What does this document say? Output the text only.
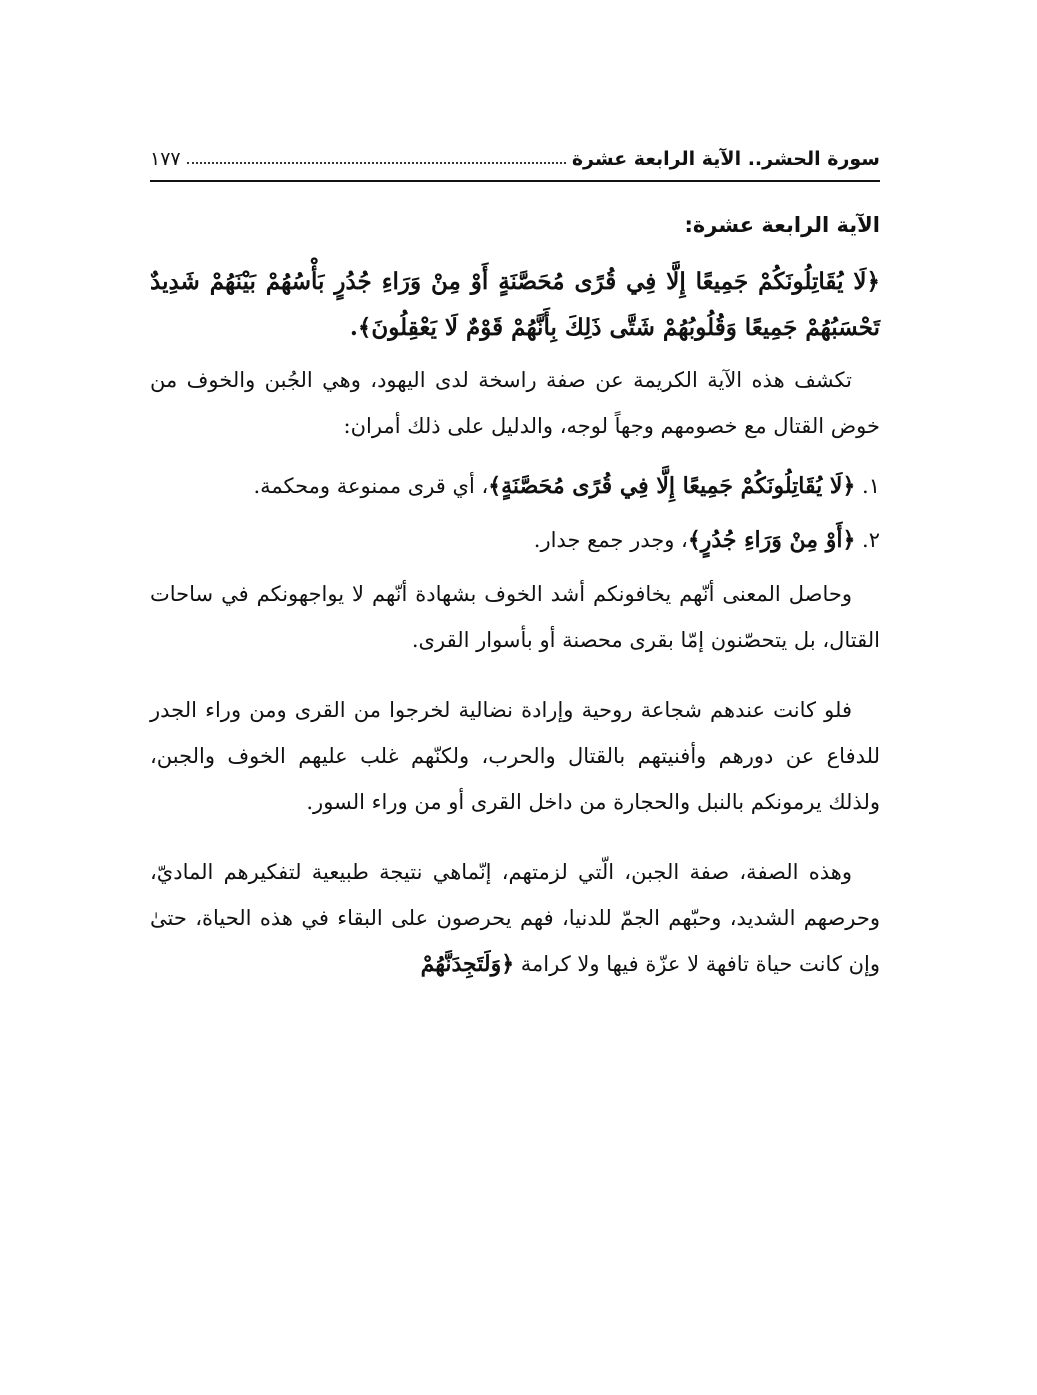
سورة الحشر.. الآية الرابعة عشرة
١٧٧
الآية الرابعة عشرة:
﴿لَا يُقَاتِلُونَكُمْ جَمِيعًا إِلَّا فِي قُرًى مُحَصَّنَةٍ أَوْ مِنْ وَرَاءِ جُدُرٍ بَأْسُهُمْ بَيْنَهُمْ شَدِيدٌ تَحْسَبُهُمْ جَمِيعًا وَقُلُوبُهُمْ شَتَّى ذَلِكَ بِأَنَّهُمْ قَوْمٌ لَا يَعْقِلُونَ﴾.

تكشف هذه الآية الكريمة عن صفة راسخة لدى اليهود، وهي الجُبن والخوف من خوض القتال مع خصومهم وجهاً لوجه، والدليل على ذلك أمران:

١. ﴿لَا يُقَاتِلُونَكُمْ جَمِيعًا إِلَّا فِي قُرًى مُحَصَّنَةٍ﴾، أي قرى ممنوعة ومحكمة.

٢. ﴿أَوْ مِنْ وَرَاءِ جُدُرٍ﴾، وجدر جمع جدار.

وحاصل المعنى أنّهم يخافونكم أشد الخوف بشهادة أنّهم لا يواجهونكم في ساحات القتال، بل يتحصّنون إمّا بقرى محصنة أو بأسوار القرى.

فلو كانت عندهم شجاعة روحية وإرادة نضالية لخرجوا من القرى ومن وراء الجدر للدفاع عن دورهم وأفنيتهم بالقتال والحرب، ولكنّهم غلب عليهم الخوف والجبن، ولذلك يرمونكم بالنبل والحجارة من داخل القرى أو من وراء السور.

وهذه الصفة، صفة الجبن، الّتي لزمتهم، إنّماهي نتيجة طبيعية لتفكيرهم الماديّ، وحرصهم الشديد، وحبّهم الجمّ للدنيا، فهم يحرصون على البقاء في هذه الحياة، حتىٰ وإن كانت حياة تافهة لا عزّة فيها ولا كرامة ﴿وَلَتَجِدَنَّهُمْ
